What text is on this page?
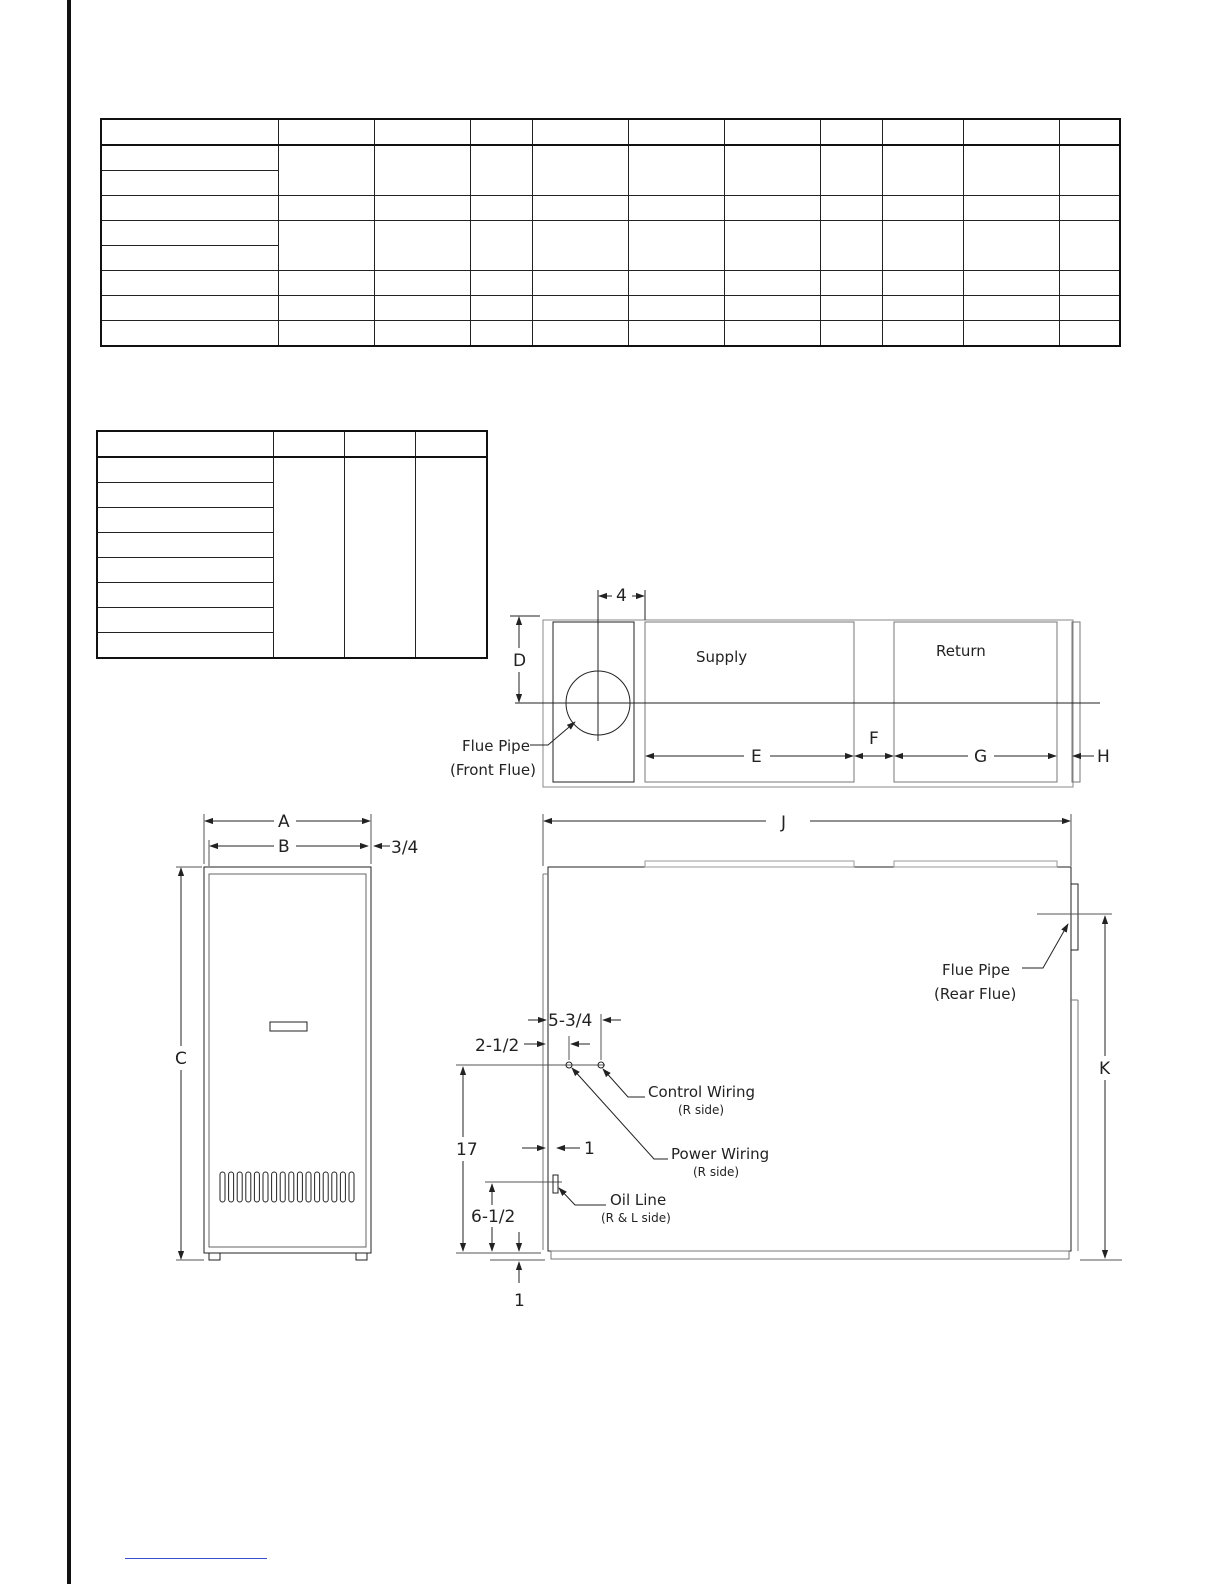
Supply	Return
4
D
E
F
G	H
Flue Pipe
(Front Flue)
A
B	3/4
C
J
K
5-3/4
2-1/2
17	1
6-1/2
1
Control Wiring
(R side)
Power Wiring
(R side)
Oil Line
(R & L side)
Flue Pipe
(Rear Flue)
